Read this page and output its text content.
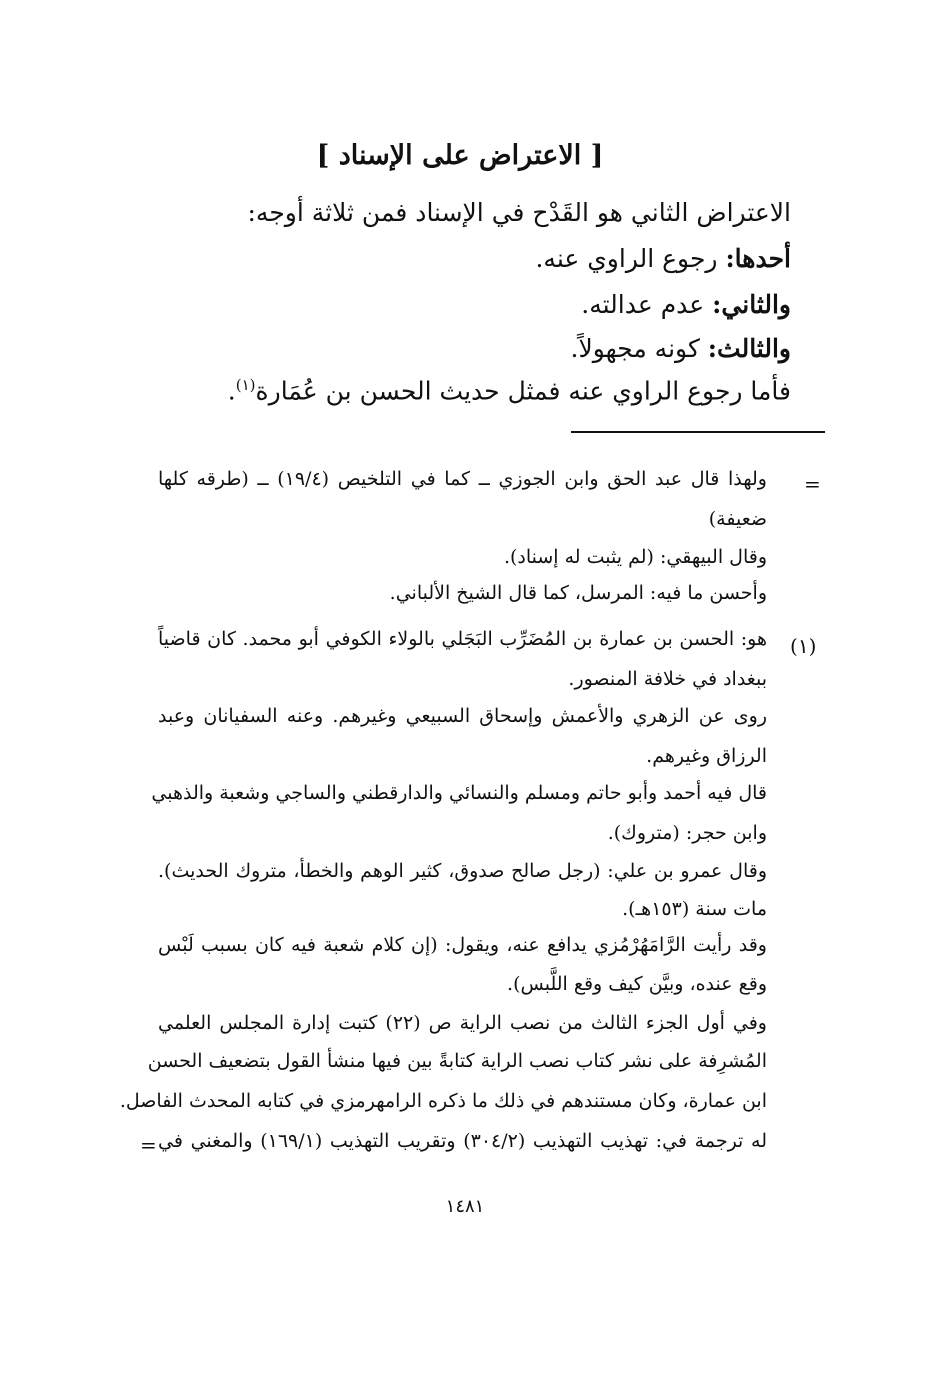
[ الاعتراض على الإسناد ]
الاعتراض الثاني هو القَدْح في الإسناد فمن ثلاثة أوجه:
أحدها: رجوع الراوي عنه.
والثاني: عدم عدالته.
والثالث: كونه مجهولاً.
فأما رجوع الراوي عنه فمثل حديث الحسن بن عُمَارة$^{(١)}$.
=
ولهذا قال عبد الحق وابن الجوزي ــ كما في التلخيص (١٩/٤) ــ (طرقه كلها
ضعيفة)
وقال البيهقي: (لم يثبت له إسناد).
وأحسن ما فيه: المرسل، كما قال الشيخ الألباني.
(١)
هو: الحسن بن عمارة بن المُضَرِّب البَجَلي بالولاء الكوفي أبو محمد. كان قاضياً
ببغداد في خلافة المنصور.
روى عن الزهري والأعمش وإسحاق السبيعي وغيرهم. وعنه السفيانان وعبد
الرزاق وغيرهم.
قال فيه أحمد وأبو حاتم ومسلم والنسائي والدارقطني والساجي وشعبة والذهبي
وابن حجر: (متروك).
وقال عمرو بن علي: (رجل صالح صدوق، كثير الوهم والخطأ، متروك الحديث).
مات سنة (١٥٣هـ).
وقد رأيت الرَّامَهُرْمُزي يدافع عنه، ويقول: (إن كلام شعبة فيه كان بسبب لَبْس
وقع عنده، وبيَّن كيف وقع اللَّبس).
وفي أول الجزء الثالث من نصب الراية ص (٢٢) كتبت إدارة المجلس العلمي
المُشرِفة على نشر كتاب نصب الراية كتابةً بين فيها منشأ القول بتضعيف الحسن
ابن عمارة، وكان مستندهم في ذلك ما ذكره الرامهرمزي في كتابه المحدث الفاصل.
له ترجمة في: تهذيب التهذيب (٣٠٤/٢) وتقريب التهذيب (١٦٩/١) والمغني في
=
١٤٨١
